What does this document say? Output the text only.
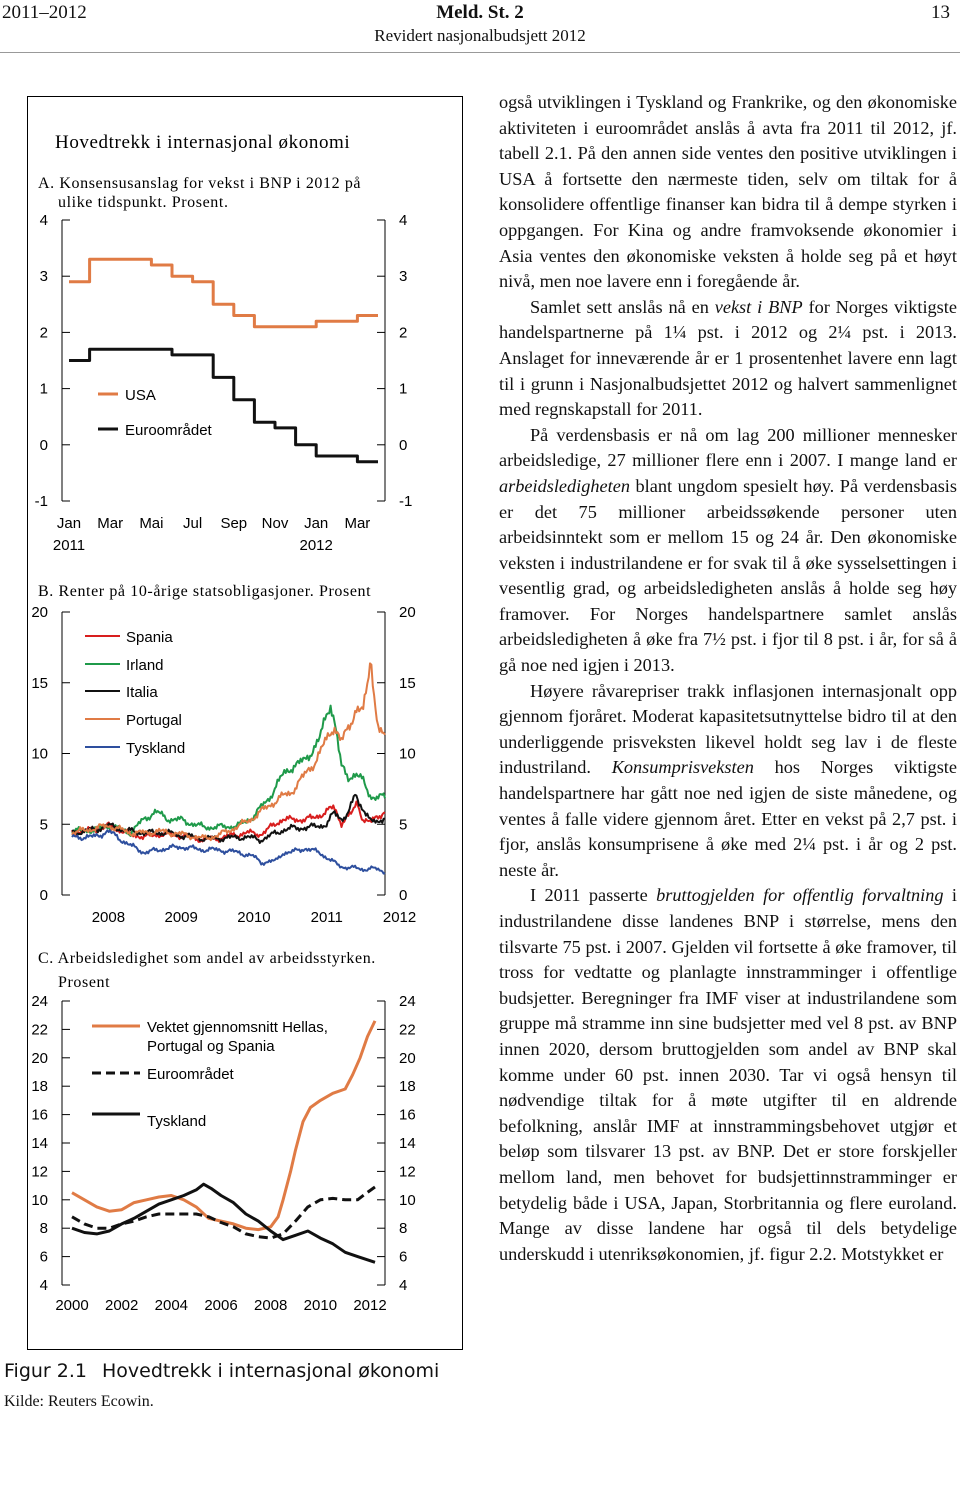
2011–2012	Meld. St. 2	13
Revidert nasjonalbudsjett 2012
Hovedtrekk i internasjonal økonomi
A. Konsensusanslag for vekst i BNP i 2012 på
ulike tidspunkt. Prosent.
4	4
3	3
2	2
1	1
0	0
-1	-1
Jan Mar Mai Jul Sep Nov Jan Mar
2011	2012
USA
Euroområdet
B. Renter på 10-årige statsobligasjoner. Prosent
20	20
15	15
10	10
5	5
0	0
2008	2009	2010	2011	2012
Spania
Irland
Italia
Portugal
Tyskland
C. Arbeidsledighet som andel av arbeidsstyrken.
Prosent
24	24
22	22
20	20
18	18
16	16
14	14
12	12
10	10
8	8
6	6
4	4
2000 2002 2004 2006 2008 2010 2012
Vektet gjennomsnitt Hellas,
Portugal og Spania
Euroområdet
Tyskland
Figur 2.1 Hovedtrekk i internasjonal økonomi
Kilde: Reuters Ecowin.

også utviklingen i Tyskland og Frankrike, og den økonomiske aktiviteten i euroområdet anslås å avta fra 2011 til 2012, jf. tabell 2.1. På den annen side ventes den positive utviklingen i USA å fortsette den nærmeste tiden, selv om tiltak for å konsolidere offentlige finanser kan bidra til å dempe styrken i oppgangen. For Kina og andre framvoksende økonomier i Asia ventes den økonomiske veksten å holde seg på et høyt nivå, men noe lavere enn i foregående år.

Samlet sett anslås nå en vekst i BNP for Norges viktigste handelspartnerne på 1¼ pst. i 2012 og 2¼ pst. i 2013. Anslaget for inneværende år er 1 prosentenhet lavere enn lagt til i grunn i Nasjonalbudsjettet 2012 og halvert sammenlignet med regnskapstall for 2011.

På verdensbasis er nå om lag 200 millioner mennesker arbeidsledige, 27 millioner flere enn i 2007. I mange land er arbeidsledigheten blant ungdom spesielt høy. På verdensbasis er det 75 millioner arbeidssøkende personer uten arbeidsinntekt som er mellom 15 og 24 år. Den økonomiske veksten i industrilandene er for svak til å øke sysselsettingen i vesentlig grad, og arbeidsledigheten anslås å holde seg høy framover. For Norges handelspartnere samlet anslås arbeidsledigheten å øke fra 7½ pst. i fjor til 8 pst. i år, for så å gå noe ned igjen i 2013.

Høyere råvarepriser trakk inflasjonen internasjonalt opp gjennom fjoråret. Moderat kapasitetsutnyttelse bidro til at den underliggende prisveksten likevel holdt seg lav i de fleste industriland. Konsumprisveksten hos Norges viktigste handelspartnere har gått noe ned igjen de siste månedene, og ventes å falle videre gjennom året. Etter en vekst på 2,7 pst. i fjor, anslås konsumprisene å øke med 2¼ pst. i år og 2 pst. neste år.

I 2011 passerte bruttogjelden for offentlig forvaltning i industrilandene disse landenes BNP i størrelse, mens den tilsvarte 75 pst. i 2007. Gjelden vil fortsette å øke framover, til tross for vedtatte og planlagte innstramminger i offentlige budsjetter. Beregninger fra IMF viser at industrilandene som gruppe må stramme inn sine budsjetter med vel 8 pst. av BNP innen 2020, dersom bruttogjelden som andel av BNP skal komme under 60 pst. innen 2030. Tar vi også hensyn til nødvendige tiltak for å møte utgifter til en aldrende befolkning, anslår IMF at innstrammingsbehovet utgjør et beløp som tilsvarer 13 pst. av BNP. Det er store forskjeller mellom land, men behovet for budsjettinnstramminger er betydelig både i USA, Japan, Storbritannia og flere euroland. Mange av disse landene har også til dels betydelige underskudd i utenriksøkonomien, jf. figur 2.2. Motstykket er
